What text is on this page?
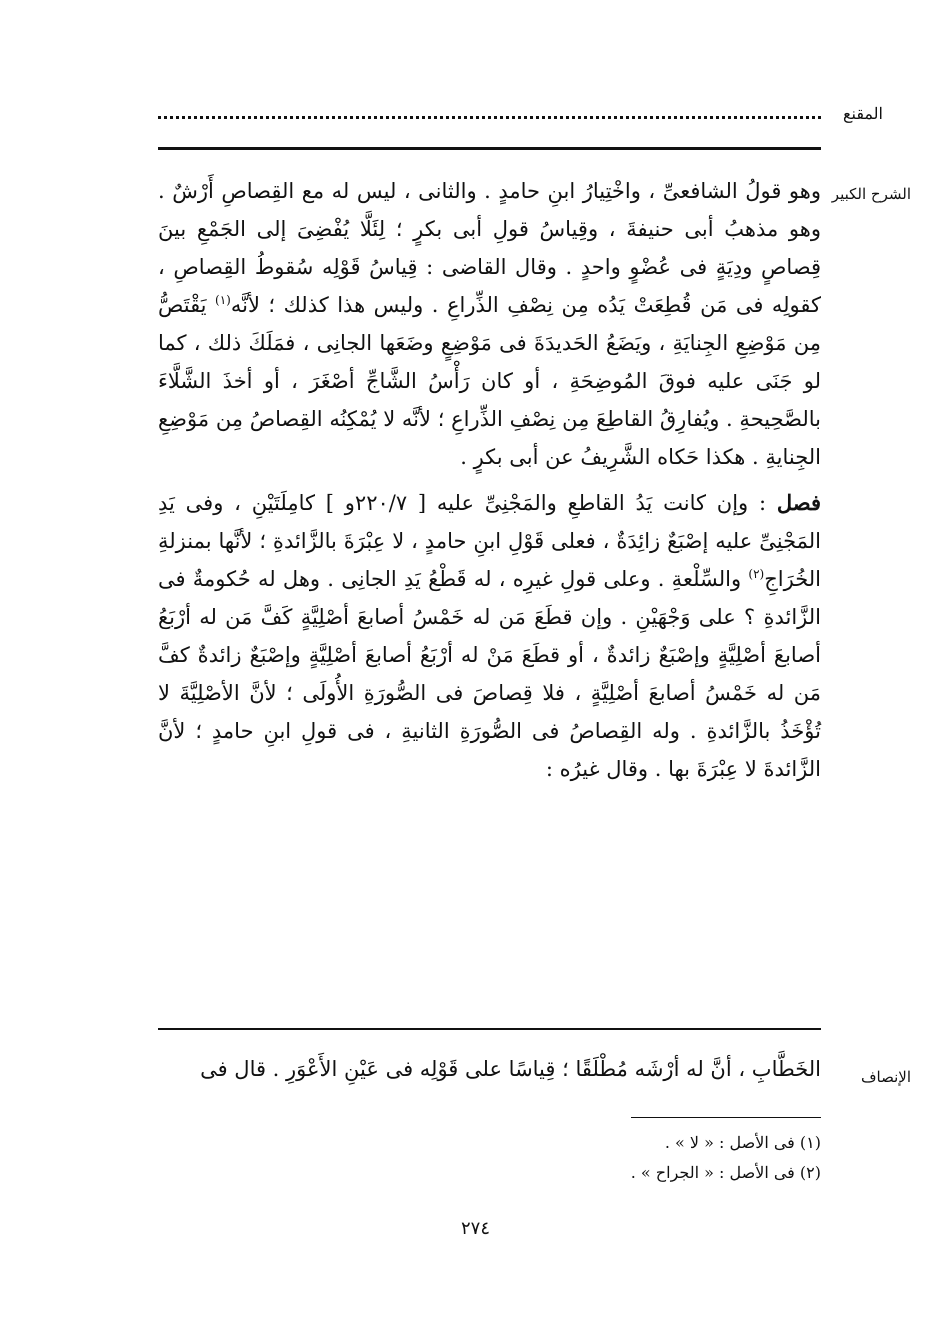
المقنع
الشرح الكبير

وهو قولُ الشافعىِّ ، واخْتِيارُ ابنِ حامدٍ . والثانى ، ليس له مع القِصاصِ أَرْشٌ . وهو مذهبُ أبى حنيفةَ ، وقِياسُ قولِ أبى بكرٍ ؛ لِئَلَّا يُفْضِىَ إلى الجَمْعِ بينَ قِصاصٍ ودِيَةٍ فى عُضْوٍ واحدٍ . وقال القاضى : قِياسُ قَوْلِه سُقوطُ القِصاصِ ، كقولِه فى مَن قُطِعَتْ يَدُه مِن نِصْفِ الذِّراعِ . وليس هذا كذلك ؛ لأنَّه$^{(١)}$ يَقْتَصُّ مِن مَوْضِعِ الجِنايَةِ ، ويَضَعُ الحَديدَةَ فى مَوْضِعٍ وضَعَها الجانِى ، فمَلَكَ ذلك ، كما لو جَنَى عليه فوقَ المُوضِحَةِ ، أو كان رَأْسُ الشَّاجِّ أصْغَرَ ، أو أخذَ الشَّلَّاءَ بالصَّحِيحةِ . ويُفارِقُ القاطِعَ مِن نِصْفِ الذِّراعِ ؛ لأنَّه لا يُمْكِنُه القِصاصُ مِن مَوْضِعِ الجِنايةِ . هكذا حَكاه الشَّرِيفُ عن أبى بكرٍ .

فصل : وإن كانت يَدُ القاطعِ والمَجْنِىِّ عليه [ ٢٢٠/٧و ] كامِلَتَيْنِ ، وفى يَدِ المَجْنِىِّ عليه إصْبَعٌ زائِدَةٌ ، فعلى قَوْلِ ابنِ حامدٍ ، لا عِبْرَةَ بالزَّائدةِ ؛ لأنَّها بمنزلةِ الخُرَاجِ$^{(٢)}$ والسِّلْعةِ . وعلى قولِ غيرِه ، له قَطْعُ يَدِ الجانِى . وهل له حُكومةٌ فى الزَّائدةِ ؟ على وَجْهَيْنِ . وإن قطَعَ مَن له خَمْسُ أصابعَ أصْلِيَّةٍ كَفَّ مَن له أرْبَعُ أصابعَ أصْلِيَّةٍ وإصْبَعٌ زائدةٌ ، أو قطَعَ مَنْ له أرْبَعُ أصابعَ أصْلِيَّةٍ وإصْبَعٌ زائدةٌ كفَّ مَن له خَمْسُ أصابعَ أصْلِيَّةٍ ، فلا قِصاصَ فى الصُّورَةِ الأُولَى ؛ لأنَّ الأصْلِيَّةَ لا تُؤْخَذُ بالزَّائدةِ . وله القِصاصُ فى الصُّورَةِ الثانيةِ ، فى قولِ ابنِ حامدٍ ؛ لأنَّ الزَّائدةَ لا عِبْرَةَ بها . وقال غيرُه :

الإنصاف

الخَطَّابِ ، أنَّ له أرْشَه مُطْلَقًا ؛ قِياسًا على قَوْلِه فى عَيْنِ الأَعْوَرِ . قال فى

(١) فى الأصل : « لا » .

(٢) فى الأصل : « الجراح » .

٢٧٤
